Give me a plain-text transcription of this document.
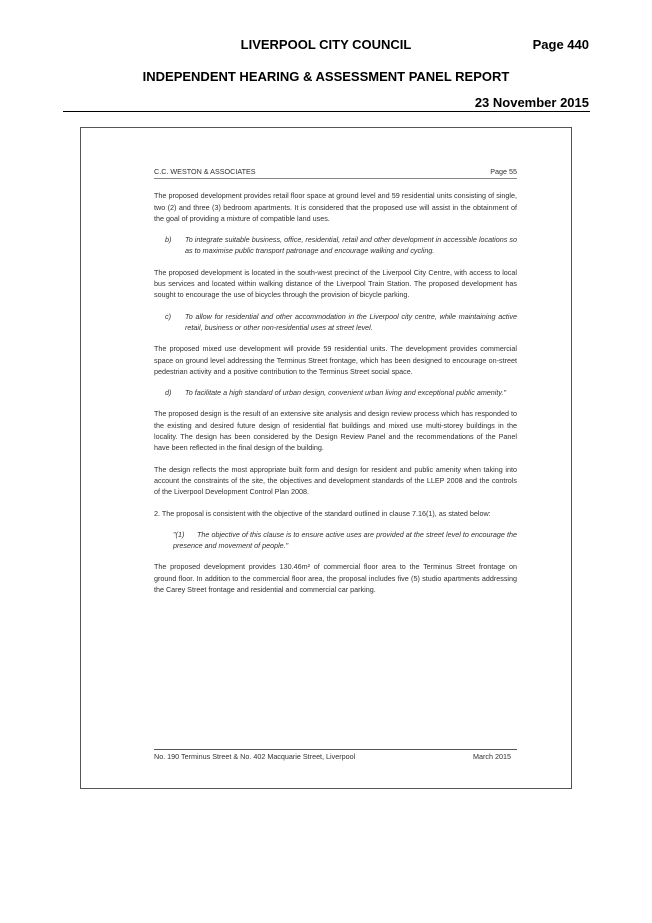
LIVERPOOL CITY COUNCIL	Page 440
INDEPENDENT HEARING & ASSESSMENT PANEL REPORT
23 November 2015
C.C. WESTON & ASSOCIATES	Page 55

The proposed development provides retail floor space at ground level and 59 residential units consisting of single, two (2) and three (3) bedroom apartments. It is considered that the proposed use will assist in the obtainment of the goal of providing a mixture of compatible land uses.

b)	To integrate suitable business, office, residential, retail and other development in accessible locations so as to maximise public transport patronage and encourage walking and cycling.

The proposed development is located in the south-west precinct of the Liverpool City Centre, with access to local bus services and located within walking distance of the Liverpool Train Station. The proposed development has sought to encourage the use of bicycles through the provision of bicycle parking.

c)	To allow for residential and other accommodation in the Liverpool city centre, while maintaining active retail, business or other non-residential uses at street level.

The proposed mixed use development will provide 59 residential units. The development provides commercial space on ground level addressing the Terminus Street frontage, which has been designed to encourage on-street pedestrian activity and a positive contribution to the Terminus Street social space.

d)	To facilitate a high standard of urban design, convenient urban living and exceptional public amenity."

The proposed design is the result of an extensive site analysis and design review process which has responded to the existing and desired future design of residential flat buildings and mixed use multi-storey buildings in the locality. The design has been considered by the Design Review Panel and the recommendations of the Panel have been reflected in the final design of the building.

The design reflects the most appropriate built form and design for resident and public amenity when taking into account the constraints of the site, the objectives and development standards of the LLEP 2008 and the controls of the Liverpool Development Control Plan 2008.

2. The proposal is consistent with the objective of the standard outlined in clause 7.16(1), as stated below:

"(1) The objective of this clause is to ensure active uses are provided at the street level to encourage the presence and movement of people."

The proposed development provides 130.46m² of commercial floor area to the Terminus Street frontage on ground floor. In addition to the commercial floor area, the proposal includes five (5) studio apartments addressing the Carey Street frontage and residential and commercial car parking.

No. 190 Terminus Street & No. 402 Macquarie Street, Liverpool	March 2015
